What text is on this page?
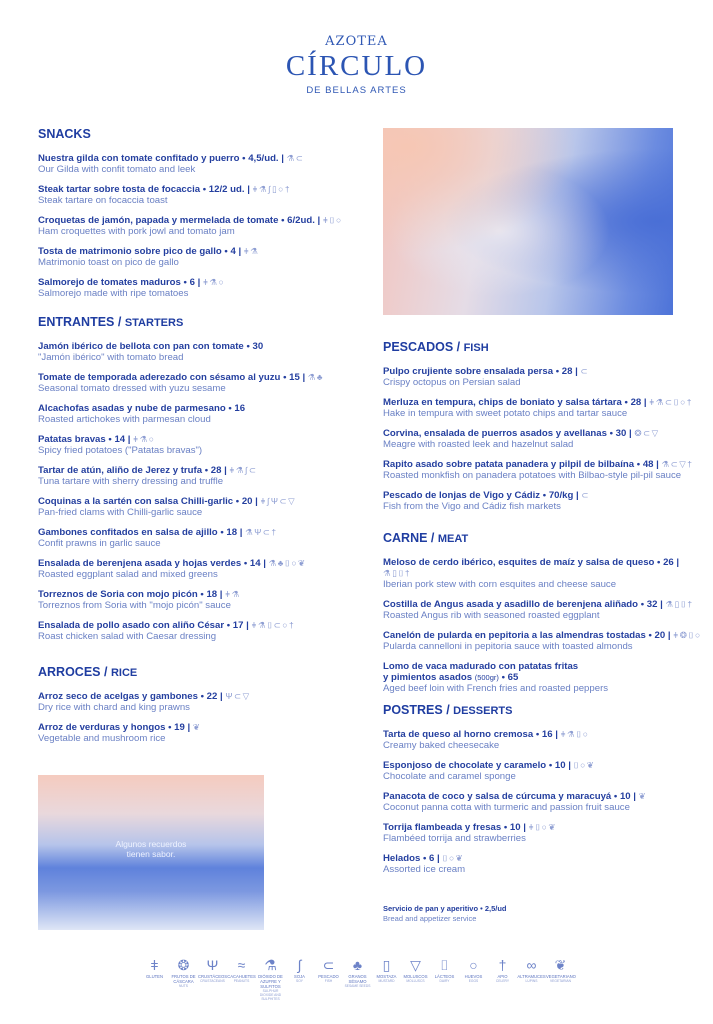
AZOTEA
CÍRCULO
DE BELLAS ARTES
SNACKS
Nuestra gilda con tomate confitado y puerro • 4,5/ud. | ⚗⊂
Our Gilda with confit tomato and leek
Steak tartar sobre tosta de focaccia • 12/2 ud. | ǂ⚗∫▯○†
Steak tartare on focaccia toast
Croquetas de jamón, papada y mermelada de tomate • 6/2ud. | ǂ⌷○
Ham croquettes with pork jowl and tomato jam
Tosta de matrimonio sobre pico de gallo • 4 | ǂ⚗
Matrimonio toast on pico de gallo
Salmorejo de tomates maduros • 6 | ǂ⚗○
Salmorejo made with ripe tomatoes
ENTRANTES / STARTERS
Jamón ibérico de bellota con pan con tomate • 30
"Jamón ibérico" with tomato bread
Tomate de temporada aderezado con sésamo al yuzu • 15 | ⚗♣
Seasonal tomato dressed with yuzu sesame
Alcachofas asadas y nube de parmesano • 16
Roasted artichokes with parmesan cloud
Patatas bravas • 14 | ǂ⚗○
Spicy fried potatoes ("Patatas bravas")
Tartar de atún, aliño de Jerez y trufa • 28 | ǂ⚗∫⊂
Tuna tartare with sherry dressing and truffle
Coquinas a la sartén con salsa Chilli-garlic • 20 | ǂ∫Ψ⊂▽
Pan-fried clams with Chilli-garlic sauce
Gambones confitados en salsa de ajillo • 18 | ⚗Ψ⊂†
Confit prawns in garlic sauce
Ensalada de berenjena asada y hojas verdes • 14 | ⚗♣⌷○❦
Roasted eggplant salad and mixed greens
Torreznos de Soria con mojo picón • 18 | ǂ⚗
Torreznos from Soria with "mojo picón" sauce
Ensalada de pollo asado con aliño César • 17 | ǂ⚗⌷⊂○†
Roast chicken salad with Caesar dressing
ARROCES / RICE
Arroz seco de acelgas y gambones • 22 | Ψ⊂▽
Dry rice with chard and king prawns
Arroz de verduras y hongos • 19 | ❦
Vegetable and mushroom rice
Algunos recuerdos
tienen sabor.
PESCADOS / FISH
Pulpo crujiente sobre ensalada persa • 28 | ⊂
Crispy octopus on Persian salad
Merluza en tempura, chips de boniato y salsa tártara • 28 | ǂ⚗⊂⌷○†
Hake in tempura with sweet potato chips and tartar sauce
Corvina, ensalada de puerros asados y avellanas • 30 | ❂⊂▽
Meagre with roasted leek and hazelnut salad
Rapito asado sobre patata panadera y pilpil de bilbaína • 48 | ⚗⊂▽†
Roasted monkfish on panadera potatoes with Bilbao-style pil-pil sauce
Pescado de lonjas de Vigo y Cádiz • 70/kg | ⊂
Fish from the Vigo and Cádiz fish markets
CARNE / MEAT
Meloso de cerdo ibérico, esquites de maíz y salsa de queso • 26 | ⚗▯⌷†
Iberian pork stew with corn esquites and cheese sauce
Costilla de Angus asada y asadillo de berenjena aliñado • 32 | ⚗▯⌷†
Roasted Angus rib with seasoned roasted eggplant
Canelón de pularda en pepitoria a las almendras tostadas • 20 | ǂ❂⌷○
Pularda cannelloni in pepitoria sauce with toasted almonds
Lomo de vaca madurado con patatas fritas
y pimientos asados (500gr) • 65
Aged beef loin with French fries and roasted peppers
POSTRES / DESSERTS
Tarta de queso al horno cremosa • 16 | ǂ⚗⌷○
Creamy baked cheesecake
Esponjoso de chocolate y caramelo • 10 | ⌷○❦
Chocolate and caramel sponge
Panacota de coco y salsa de cúrcuma y maracuyá • 10 | ❦
Coconut panna cotta with turmeric and passion fruit sauce
Torrija flambeada y fresas • 10 | ǂ⌷○❦
Flambéed torrija and strawberries
Helados • 6 | ⌷○❦
Assorted ice cream
Servicio de pan y aperitivo • 2,5/ud
Bread and appetizer service
ǂ
GLUTEN
❂
FRUTOS DE CÁSCARA
NUTS
Ψ
CRUSTÁCEOS
CRUSTACEANS
≈
CACAHUETES
PEANUTS
⚗
DIÓXIDO DE AZUFRE Y SULFITOS
SULPHUR DIOXIDE AND SULPHITES
∫
SOJA
SOY
⊂
PESCADO
FISH
♣
GRANOS SÉSAMO
SESAME SEEDS
▯
MOSTAZA
MUSTARD
▽
MOLUSCOS
MOLLUSCS
⌷
LÁCTEOS
DAIRY
○
HUEVOS
EGGS
†
APIO
CELERY
∞
ALTRAMUCES
LUPINS
❦
VEGETARIANO
VEGETARIAN
